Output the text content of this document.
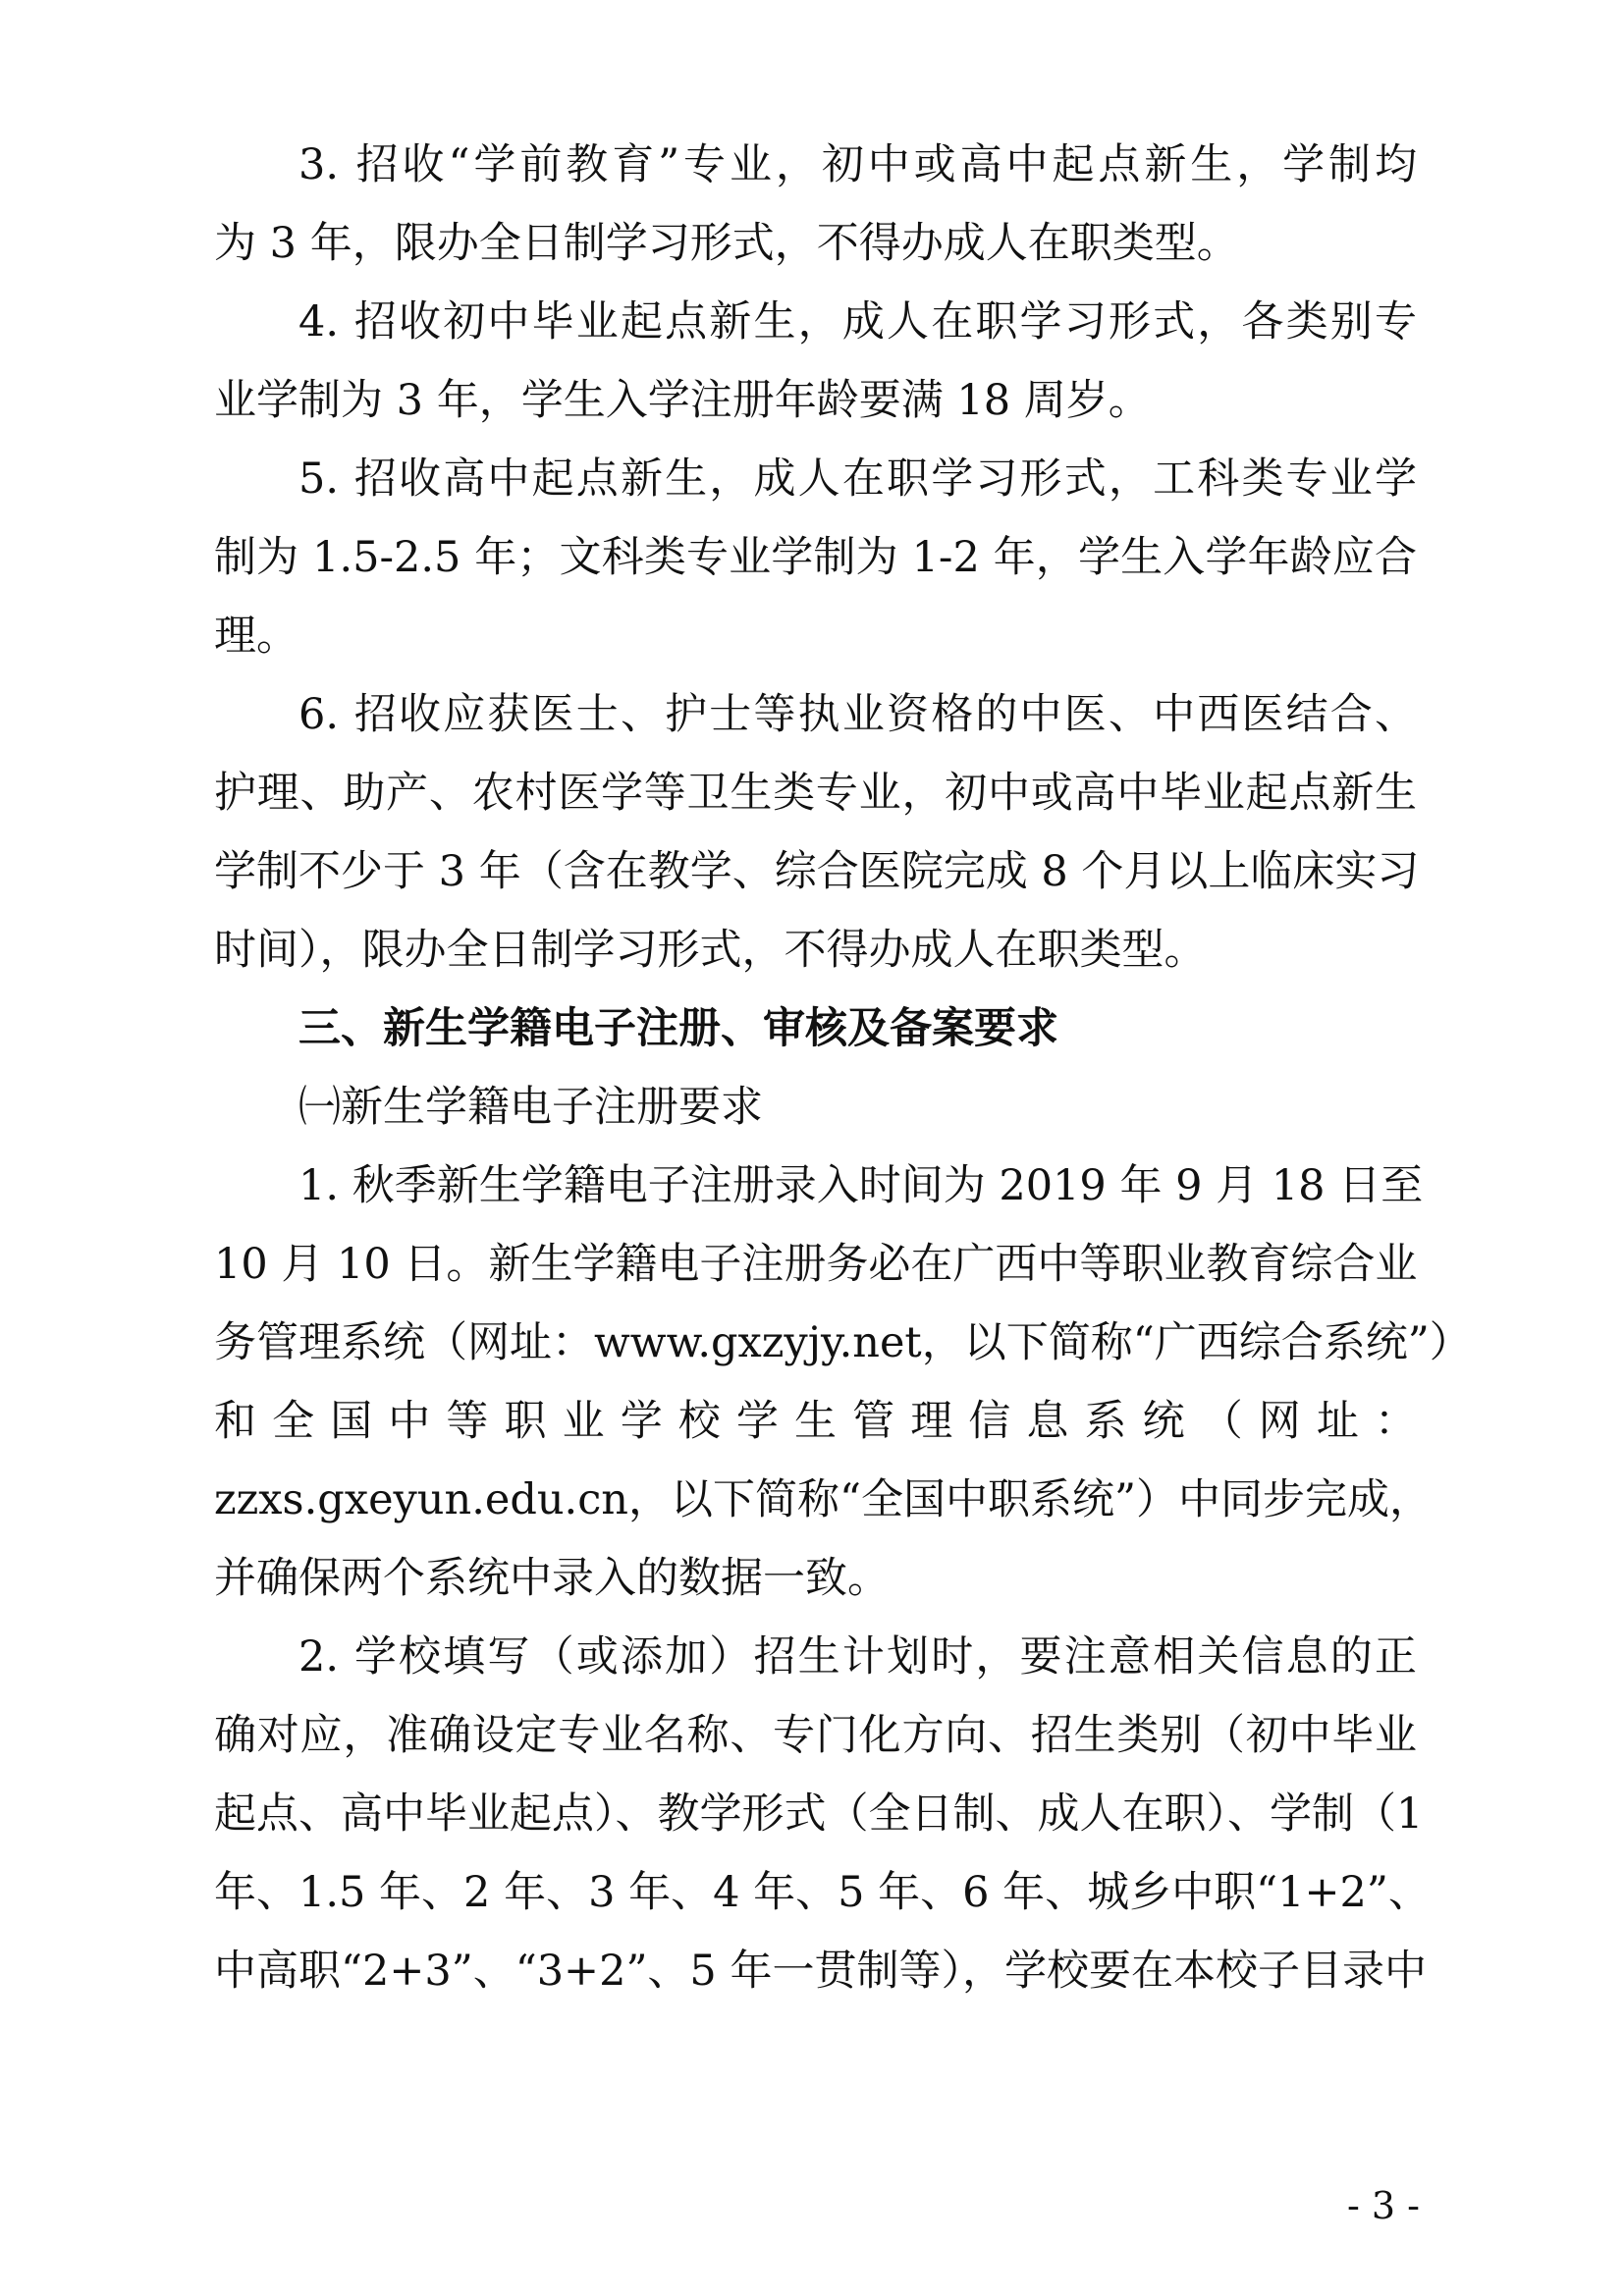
3. 招收“学前教育”专业，初中或高中起点新生，学制均
为 3 年，限办全日制学习形式，不得办成人在职类型。
4. 招收初中毕业起点新生，成人在职学习形式，各类别专
业学制为 3 年，学生入学注册年龄要满 18 周岁。
5. 招收高中起点新生，成人在职学习形式，工科类专业学
制为 1.5-2.5 年；文科类专业学制为 1-2 年，学生入学年龄应合
理。
6. 招收应获医士、护士等执业资格的中医、中西医结合、
护理、助产、农村医学等卫生类专业，初中或高中毕业起点新生
学制不少于 3 年（含在教学、综合医院完成 8 个月以上临床实习
时间），限办全日制学习形式，不得办成人在职类型。
三、新生学籍电子注册、审核及备案要求
㈠新生学籍电子注册要求
1. 秋季新生学籍电子注册录入时间为 2019 年 9 月 18 日至
10 月 10 日。新生学籍电子注册务必在广西中等职业教育综合业
务管理系统（网址：www.gxzyjy.net，以下简称“广西综合系统”）
和全国中等职业学校学生管理信息系统（网址：
zzxs.gxeyun.edu.cn，以下简称“全国中职系统”）中同步完成，
并确保两个系统中录入的数据一致。
2. 学校填写（或添加）招生计划时，要注意相关信息的正
确对应，准确设定专业名称、专门化方向、招生类别（初中毕业
起点、高中毕业起点）、教学形式（全日制、成人在职）、学制（1
年、1.5 年、2 年、3 年、4 年、5 年、6 年、城乡中职“1+2”、
中高职“2+3”、“3+2”、5 年一贯制等），学校要在本校子目录中
- 3 -
